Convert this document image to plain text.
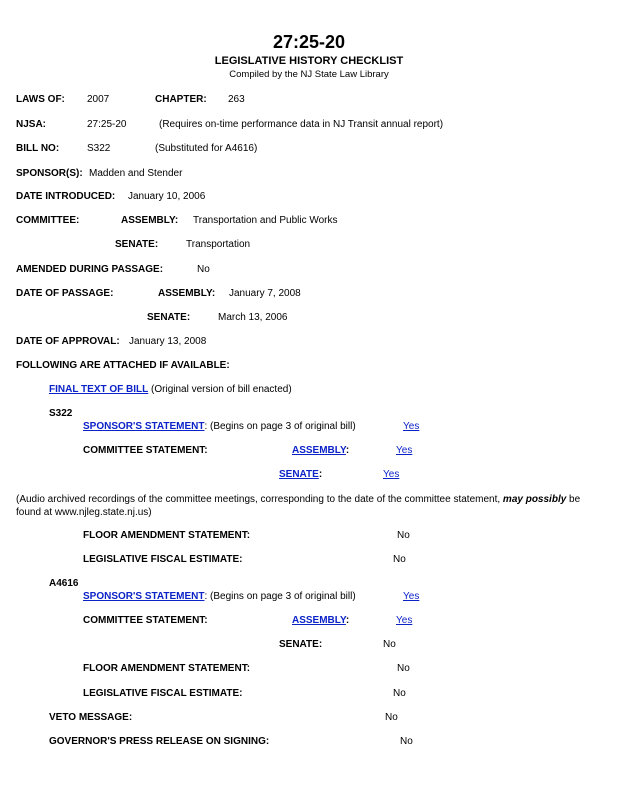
27:25-20
LEGISLATIVE HISTORY CHECKLIST
Compiled by the NJ State Law Library
LAWS OF: 2007	CHAPTER: 263
NJSA:	27:25-20	(Requires on-time performance data in NJ Transit annual report)
BILL NO:	S322	(Substituted for A4616)
SPONSOR(S): Madden and Stender
DATE INTRODUCED: January 10, 2006
COMMITTEE:	ASSEMBLY: Transportation and Public Works
SENATE:	Transportation
AMENDED DURING PASSAGE:	No
DATE OF PASSAGE:	ASSEMBLY: January 7, 2008
SENATE:	March 13, 2006
DATE OF APPROVAL: January 13, 2008
FOLLOWING ARE ATTACHED IF AVAILABLE:
FINAL TEXT OF BILL (Original version of bill enacted)
S322
SPONSOR'S STATEMENT: (Begins on page 3 of original bill)	Yes
COMMITTEE STATEMENT:	ASSEMBLY:	Yes
SENATE:	Yes
(Audio archived recordings of the committee meetings, corresponding to the date of the committee statement, may possibly be found at www.njleg.state.nj.us)
FLOOR AMENDMENT STATEMENT:	No
LEGISLATIVE FISCAL ESTIMATE:	No
A4616
SPONSOR'S STATEMENT: (Begins on page 3 of original bill)	Yes
COMMITTEE STATEMENT:	ASSEMBLY:	Yes
SENATE:	No
FLOOR AMENDMENT STATEMENT:	No
LEGISLATIVE FISCAL ESTIMATE:	No
VETO MESSAGE:	No
GOVERNOR'S PRESS RELEASE ON SIGNING:	No
